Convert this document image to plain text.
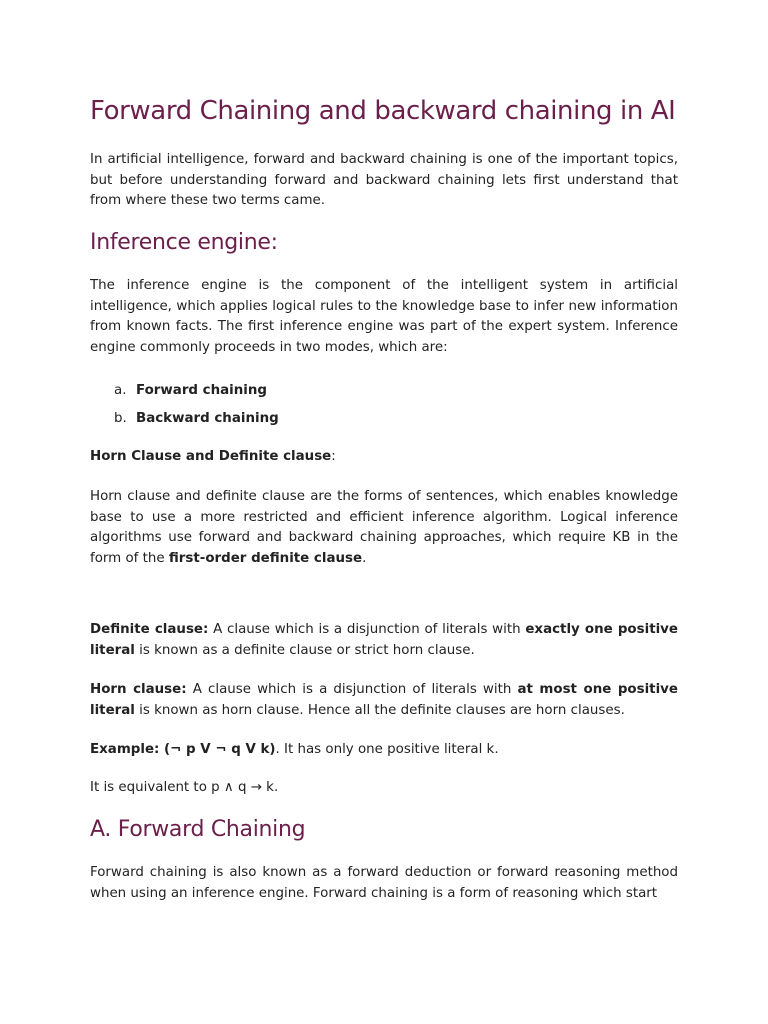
Forward Chaining and backward chaining in AI

In artificial intelligence, forward and backward chaining is one of the important topics, but before understanding forward and backward chaining lets first understand that from where these two terms came.

Inference engine:

The inference engine is the component of the intelligent system in artificial intelligence, which applies logical rules to the knowledge base to infer new information from known facts. The first inference engine was part of the expert system. Inference engine commonly proceeds in two modes, which are:

a. Forward chaining
b. Backward chaining

Horn Clause and Definite clause:

Horn clause and definite clause are the forms of sentences, which enables knowledge base to use a more restricted and efficient inference algorithm. Logical inference algorithms use forward and backward chaining approaches, which require KB in the form of the first-order definite clause.

Definite clause: A clause which is a disjunction of literals with exactly one positive literal is known as a definite clause or strict horn clause.

Horn clause: A clause which is a disjunction of literals with at most one positive literal is known as horn clause. Hence all the definite clauses are horn clauses.

Example: (¬ p V ¬ q V k). It has only one positive literal k.

It is equivalent to p ∧ q → k.

A. Forward Chaining

Forward chaining is also known as a forward deduction or forward reasoning method when using an inference engine. Forward chaining is a form of reasoning which start
